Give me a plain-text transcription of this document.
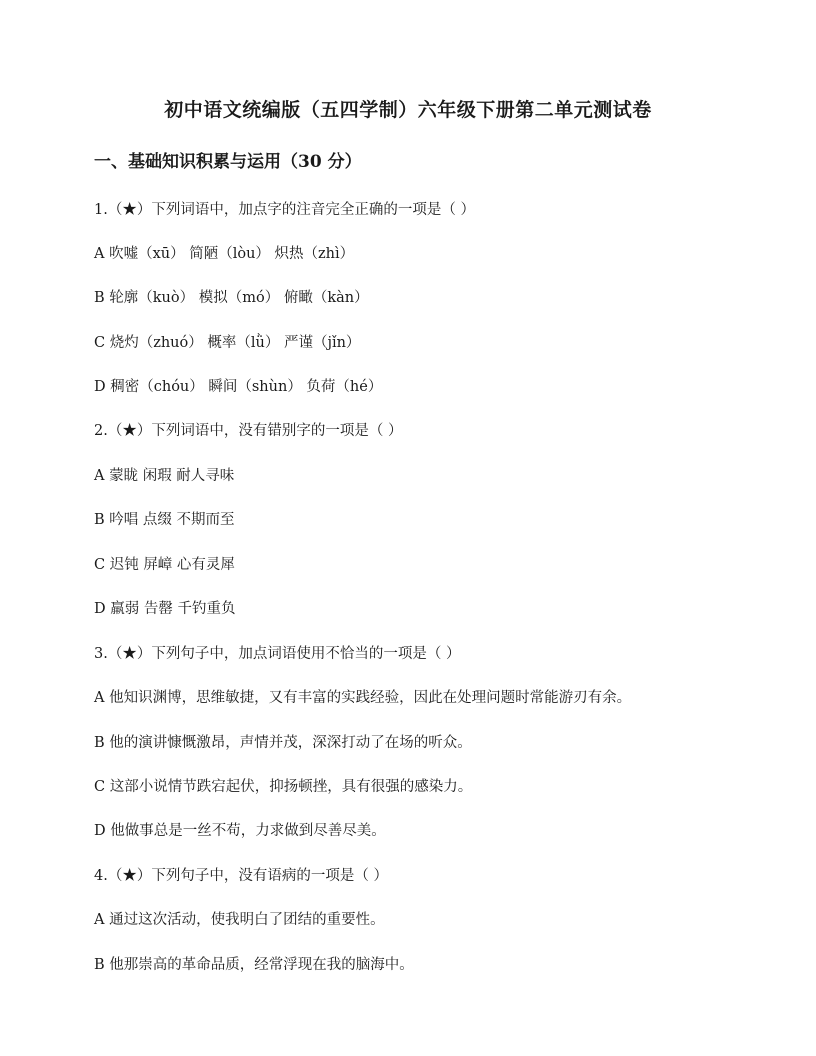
初中语文统编版（五四学制）六年级下册第二单元测试卷
一、基础知识积累与运用（30 分）
1.（★）下列词语中，加点字的注音完全正确的一项是（ ）
A 吹嘘（xū） 简陋（lòu） 炽热（zhì）
B 轮廓（kuò） 模拟（mó） 俯瞰（kàn）
C 烧灼（zhuó） 概率（lǜ） 严谨（jǐn）
D 稠密（chóu） 瞬间（shùn） 负荷（hé）
2.（★）下列词语中，没有错别字的一项是（ ）
A 蒙眬 闲瑕 耐人寻味
B 吟唱 点缀 不期而至
C 迟钝 屏嶂 心有灵犀
D 羸弱 告罄 千钓重负
3.（★）下列句子中，加点词语使用不恰当的一项是（ ）
A 他知识渊博，思维敏捷，又有丰富的实践经验，因此在处理问题时常能游刃有余。
B 他的演讲慷慨激昂，声情并茂，深深打动了在场的听众。
C 这部小说情节跌宕起伏，抑扬顿挫，具有很强的感染力。
D 他做事总是一丝不苟，力求做到尽善尽美。
4.（★）下列句子中，没有语病的一项是（ ）
A 通过这次活动，使我明白了团结的重要性。
B 他那崇高的革命品质，经常浮现在我的脑海中。
